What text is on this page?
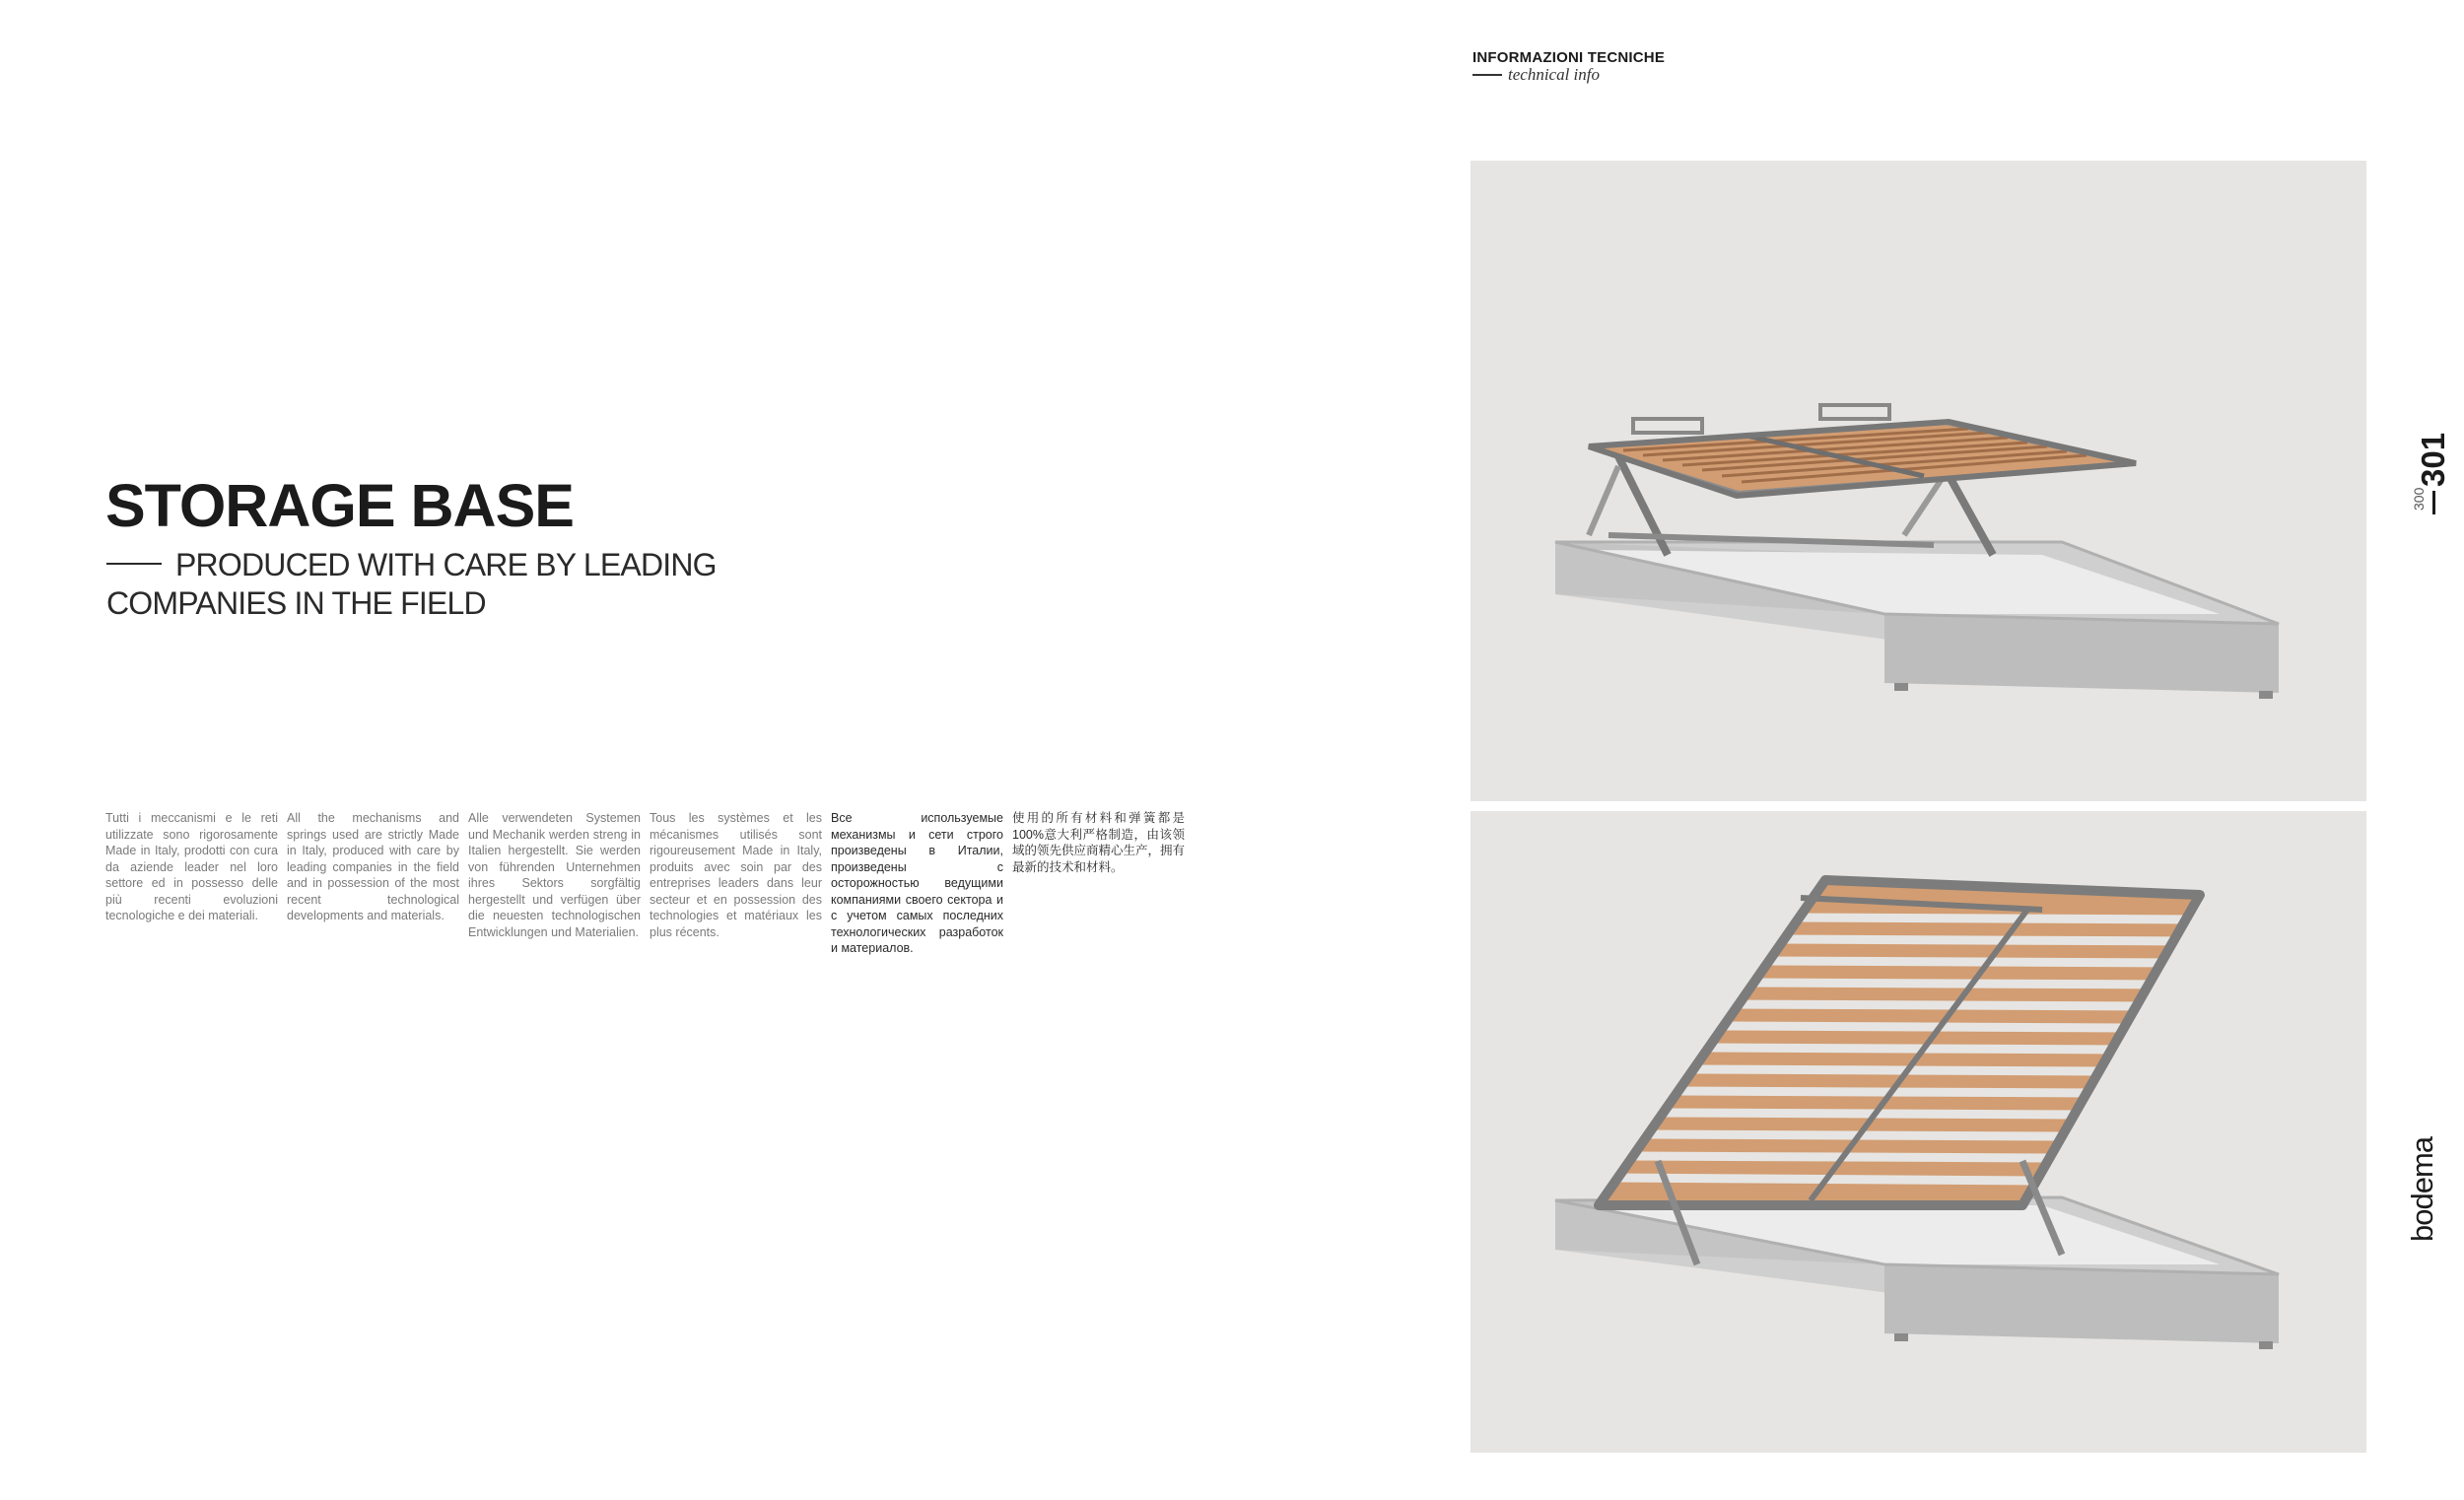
INFORMAZIONI TECNICHE
technical info
STORAGE BASE
PRODUCED WITH CARE BY LEADING
COMPANIES IN THE FIELD
Tutti i meccanismi e le reti utilizzate sono rigorosamente Made in Italy, prodotti con cura da aziende leader nel loro settore ed in possesso delle più recenti evoluzioni tecnologiche e dei materiali.
All the mechanisms and springs used are strictly Made in Italy, produced with care by leading companies in the field and in possession of the most recent technological developments and materials.
Alle verwendeten Systemen und Mechanik werden streng in Italien hergestellt. Sie werden von führenden Unternehmen ihres Sektors sorgfältig hergestellt und verfügen über die neuesten technologischen Entwicklungen und Materialien.
Tous les systèmes et les mécanismes utilisés sont rigoureusement Made in Italy, produits avec soin par des entreprises leaders dans leur secteur et en possession des technologies et matériaux les plus récents.
Все используемые механизмы и сети строго произведены в Италии, произведены с осторожностью ведущими компаниями своего сектора и с учетом самых последних технологических разработок и материалов.
使用的所有材料和弹簧都是100%意大利严格制造，由该领域的领先供应商精心生产，拥有最新的技术和材料。
301
300
bodema
